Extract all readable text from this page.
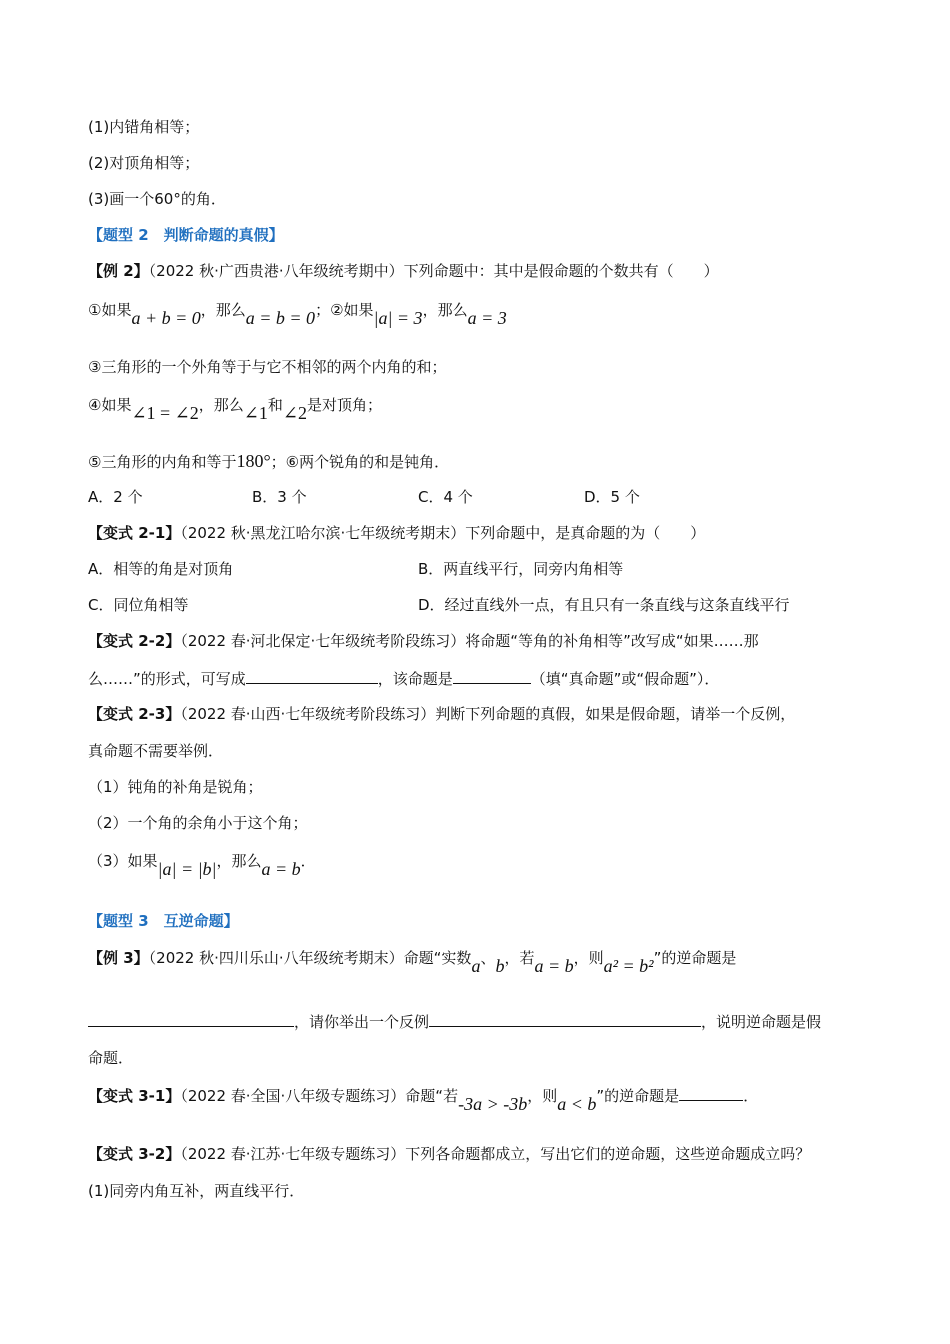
(1)内错角相等；
(2)对顶角相等；
(3)画一个60°的角．
【题型 2　判断命题的真假】
【例 2】（2022 秋·广西贵港·八年级统考期中）下列命题中：其中是假命题的个数共有（　　）
①如果a + b = 0，那么a = b = 0；②如果|a| = 3，那么a = 3
③三角形的一个外角等于与它不相邻的两个内角的和；
④如果∠1 = ∠2，那么∠1和∠2是对顶角；
⑤三角形的内角和等于180°；⑥两个锐角的和是钝角．
A．2 个	B．3 个	C．4 个	D．5 个
【变式 2-1】（2022 秋·黑龙江哈尔滨·七年级统考期末）下列命题中，是真命题的为（　　）
A．相等的角是对顶角	B．两直线平行，同旁内角相等
C．同位角相等	D．经过直线外一点，有且只有一条直线与这条直线平行
【变式 2-2】（2022 春·河北保定·七年级统考阶段练习）将命题“等角的补角相等”改写成“如果……那
么……”的形式，可写成	，该命题是	（填“真命题”或“假命题”）．
【变式 2-3】（2022 春·山西·七年级统考阶段练习）判断下列命题的真假，如果是假命题，请举一个反例，
真命题不需要举例．
（1）钝角的补角是锐角；
（2）一个角的余角小于这个角；
（3）如果|a| = |b|，那么a = b．
【题型 3　互逆命题】
【例 3】（2022 秋·四川乐山·八年级统考期末）命题“实数a、b，若a = b，则a² = b²”的逆命题是
，请你举出一个反例	，说明逆命题是假
命题．
【变式 3-1】（2022 春·全国·八年级专题练习）命题“若-3a > -3b，则a < b”的逆命题是	．
【变式 3-2】（2022 春·江苏·七年级专题练习）下列各命题都成立，写出它们的逆命题，这些逆命题成立吗？
(1)同旁内角互补，两直线平行．
